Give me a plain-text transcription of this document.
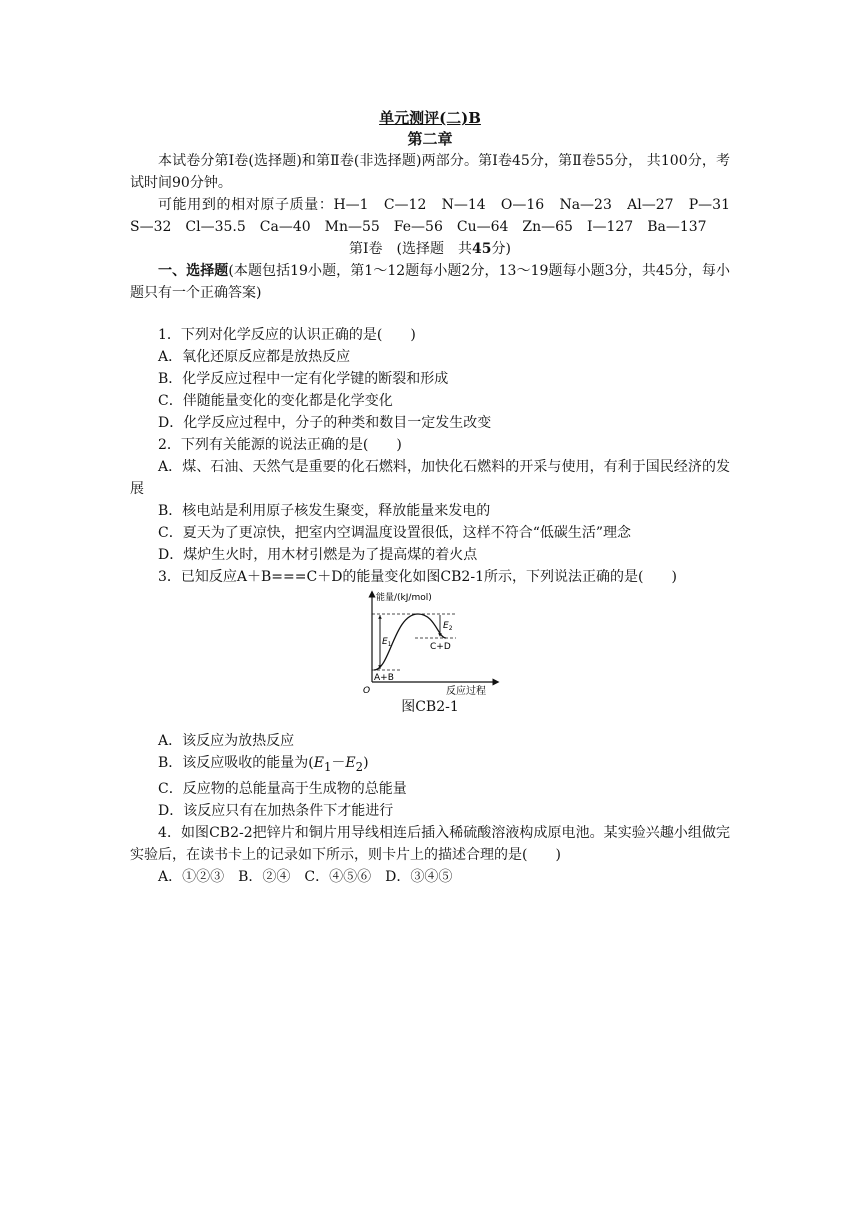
单元测评(二)B
第二章

本试卷分第Ⅰ卷(选择题)和第Ⅱ卷(非选择题)两部分。第Ⅰ卷45分，第Ⅱ卷55分， 共100分，考试时间90分钟。

可能用到的相对原子质量：H—1　C—12　N—14　O—16　Na—23　Al—27　P—31　S—32　Cl—35.5　Ca—40　Mn—55　Fe—56　Cu—64　Zn—65　I—127　Ba—137

第Ⅰ卷　(选择题　共45分)

一、选择题(本题包括19小题，第1～12题每小题2分，13～19题每小题3分，共45分，每小题只有一个正确答案)

1．下列对化学反应的认识正确的是(　　)

A．氧化还原反应都是放热反应

B．化学反应过程中一定有化学键的断裂和形成

C．伴随能量变化的变化都是化学变化

D．化学反应过程中，分子的种类和数目一定发生改变

2．下列有关能源的说法正确的是(　　)

A．煤、石油、天然气是重要的化石燃料，加快化石燃料的开采与使用，有利于国民经济的发展

B．核电站是利用原子核发生聚变，释放能量来发电的

C．夏天为了更凉快，把室内空调温度设置很低，这样不符合“低碳生活”理念

D．煤炉生火时，用木材引燃是为了提高煤的着火点

3．已知反应A＋B===C＋D的能量变化如图CB2-1所示，下列说法正确的是(　　)

能量/(kJ/mol)
反应过程
O
$E_1$
$E_2$
C+D
A+B
图CB2-1

A．该反应为放热反应

B．该反应吸收的能量为$(E_1-E_2)$

C．反应物的总能量高于生成物的总能量

D．该反应只有在加热条件下才能进行

4．如图CB2-2把锌片和铜片用导线相连后插入稀硫酸溶液构成原电池。某实验兴趣小组做完实验后，在读书卡上的记录如下所示，则卡片上的描述合理的是(　　)

A．①②③　B．②④　C．④⑤⑥　D．③④⑤
